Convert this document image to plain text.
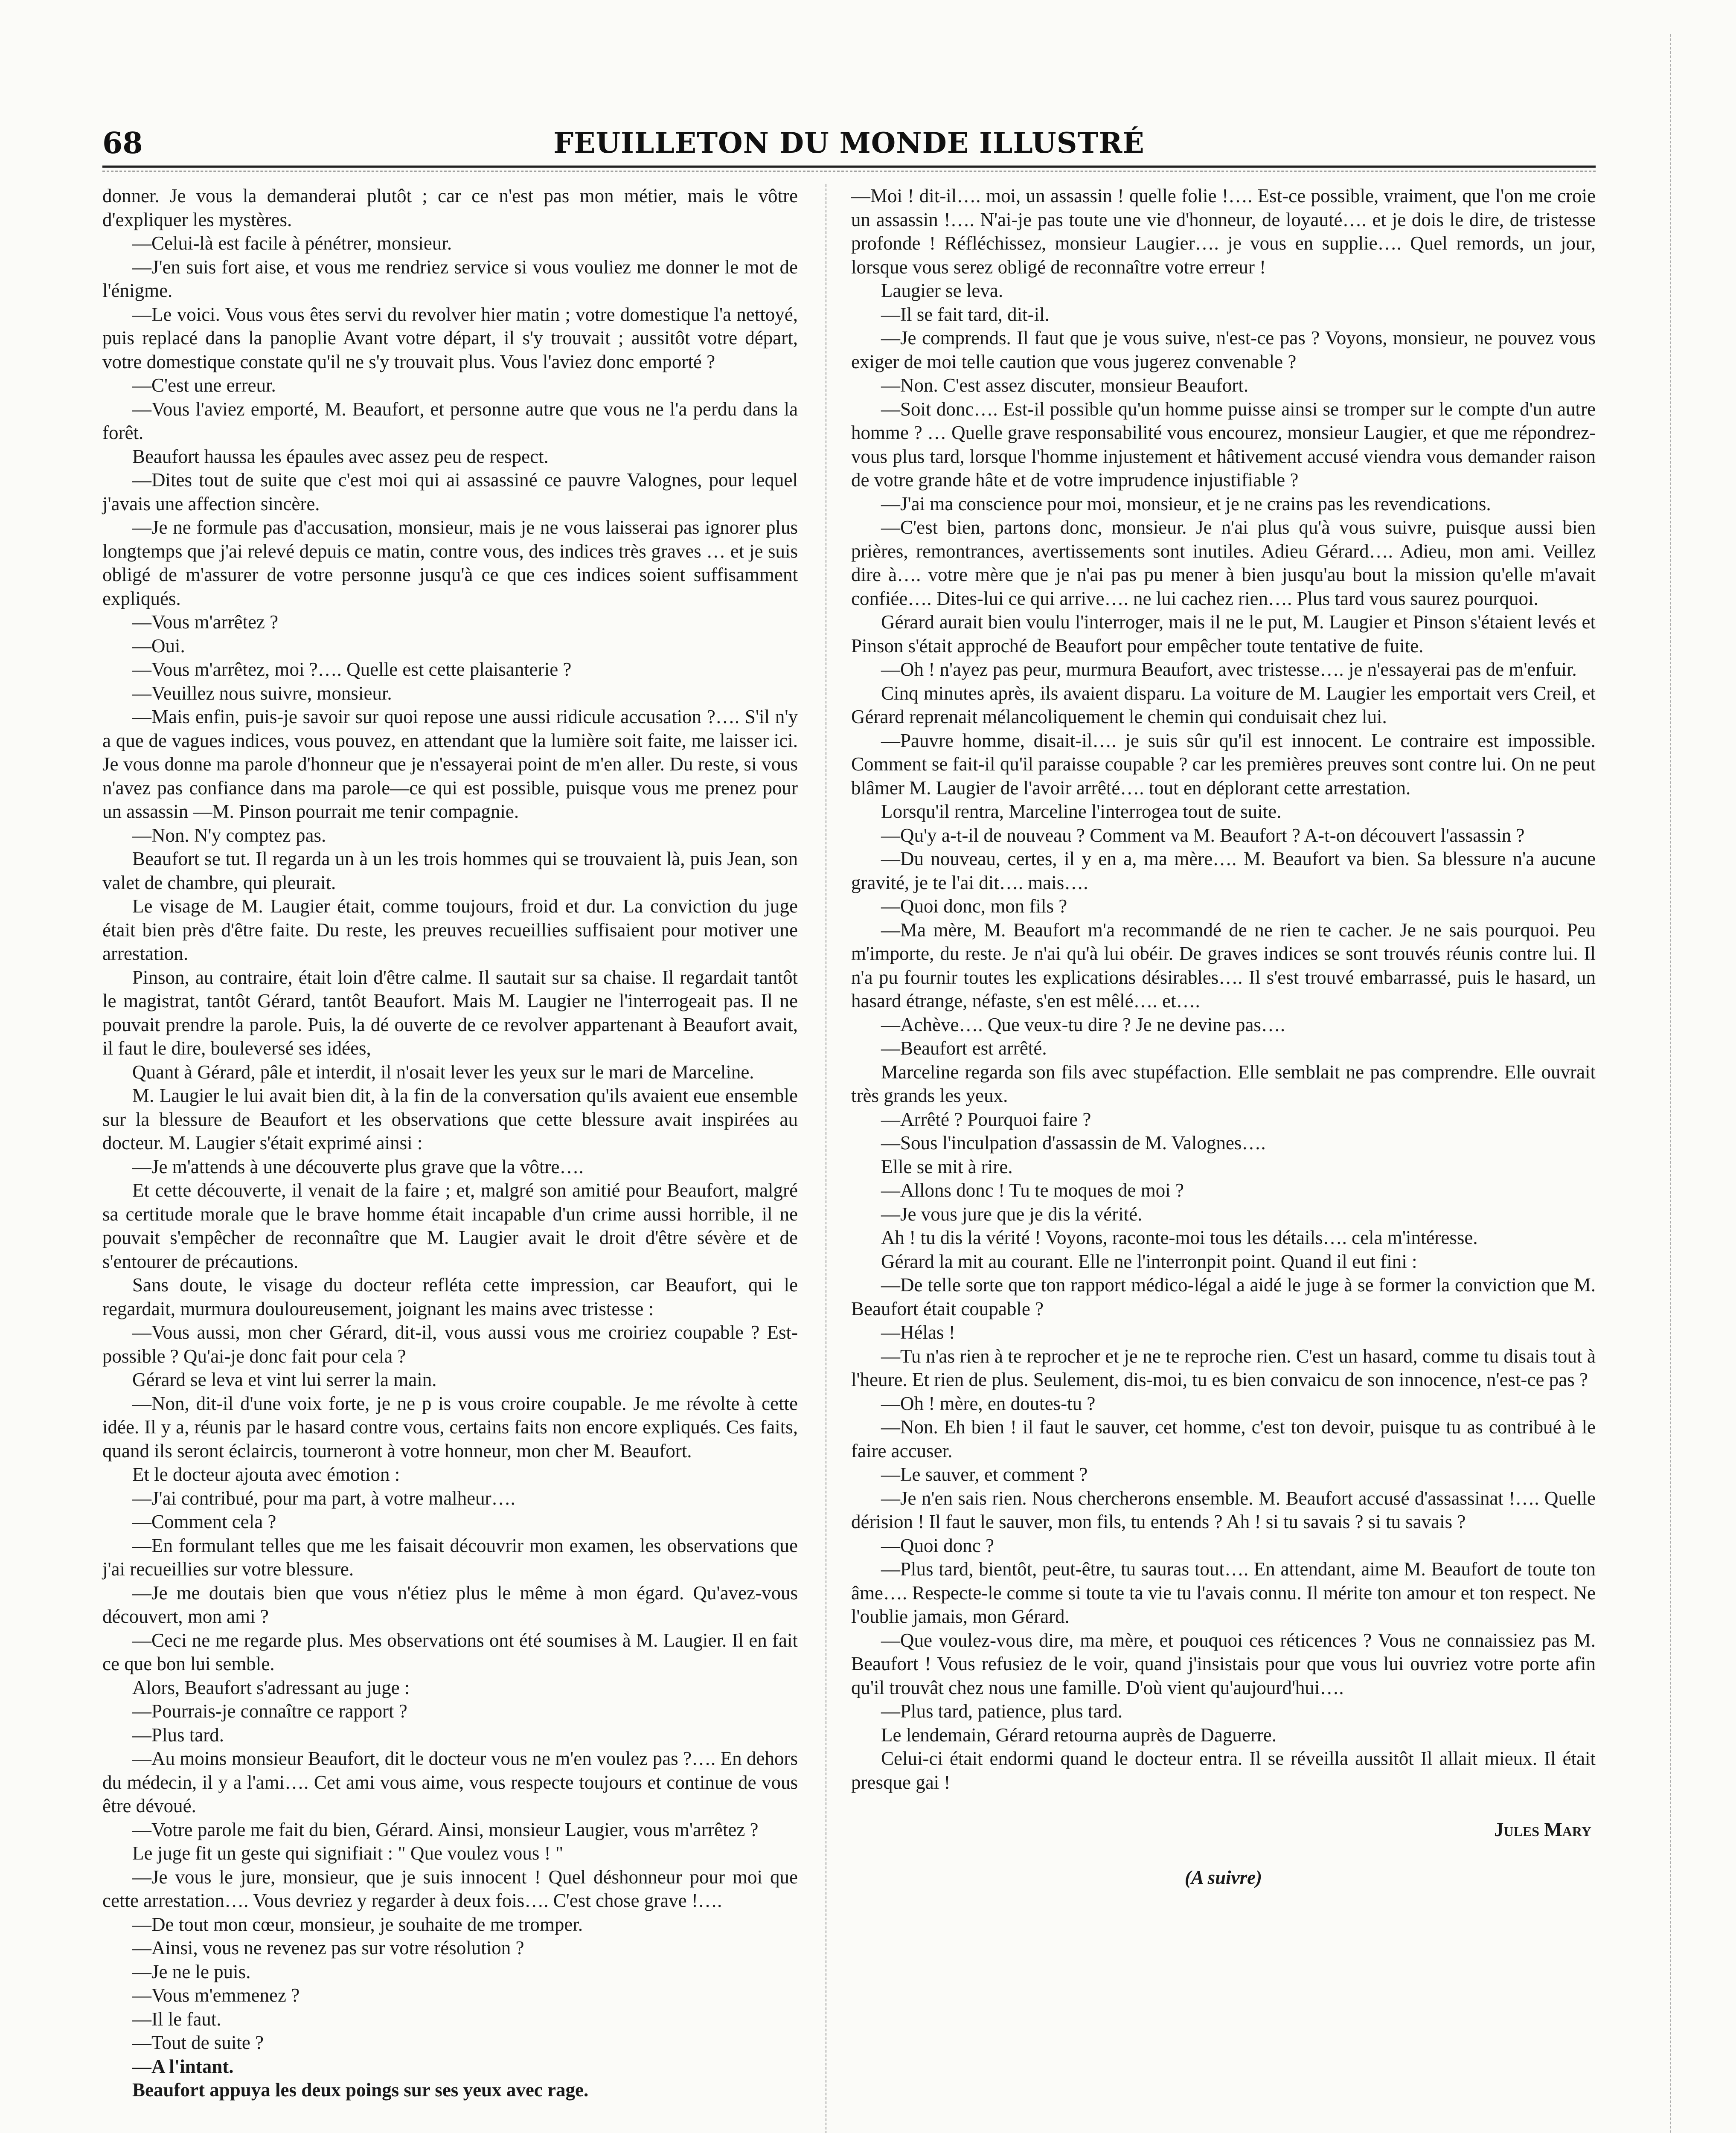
68	FEUILLETON DU MONDE ILLUSTRÉ

donner. Je vous la demanderai plutôt ; car ce n'est pas mon métier, mais le vôtre d'expliquer les mystères.

—Celui-là est facile à pénétrer, monsieur.

—J'en suis fort aise, et vous me rendriez service si vous vouliez me donner le mot de l'énigme.

—Le voici. Vous vous êtes servi du revolver hier matin ; votre domestique l'a nettoyé, puis replacé dans la panoplie Avant votre départ, il s'y trouvait ; aussitôt votre départ, votre domestique constate qu'il ne s'y trouvait plus. Vous l'aviez donc emporté ?

—C'est une erreur.

—Vous l'aviez emporté, M. Beaufort, et personne autre que vous ne l'a perdu dans la forêt.

Beaufort haussa les épaules avec assez peu de respect.

—Dites tout de suite que c'est moi qui ai assassiné ce pauvre Valognes, pour lequel j'avais une affection sincère.

—Je ne formule pas d'accusation, monsieur, mais je ne vous laisserai pas ignorer plus longtemps que j'ai relevé depuis ce matin, contre vous, des indices très graves … et je suis obligé de m'assurer de votre personne jusqu'à ce que ces indices soient suffisamment expliqués.

—Vous m'arrêtez ?

—Oui.

—Vous m'arrêtez, moi ?…. Quelle est cette plaisanterie ?

—Veuillez nous suivre, monsieur.

—Mais enfin, puis-je savoir sur quoi repose une aussi ridicule accusation ?…. S'il n'y a que de vagues indices, vous pouvez, en attendant que la lumière soit faite, me laisser ici. Je vous donne ma parole d'honneur que je n'essayerai point de m'en aller. Du reste, si vous n'avez pas confiance dans ma parole—ce qui est possible, puisque vous me prenez pour un assassin —M. Pinson pourrait me tenir compagnie.

—Non. N'y comptez pas.

Beaufort se tut. Il regarda un à un les trois hommes qui se trouvaient là, puis Jean, son valet de chambre, qui pleurait.

Le visage de M. Laugier était, comme toujours, froid et dur. La conviction du juge était bien près d'être faite. Du reste, les preuves recueillies suffisaient pour motiver une arrestation.

Pinson, au contraire, était loin d'être calme. Il sautait sur sa chaise. Il regardait tantôt le magistrat, tantôt Gérard, tantôt Beaufort. Mais M. Laugier ne l'interrogeait pas. Il ne pouvait prendre la parole. Puis, la dé ouverte de ce revolver appartenant à Beaufort avait, il faut le dire, bouleversé ses idées,

Quant à Gérard, pâle et interdit, il n'osait lever les yeux sur le mari de Marceline.

M. Laugier le lui avait bien dit, à la fin de la conversation qu'ils avaient eue ensemble sur la blessure de Beaufort et les observations que cette blessure avait inspirées au docteur. M. Laugier s'était exprimé ainsi :

—Je m'attends à une découverte plus grave que la vôtre….

Et cette découverte, il venait de la faire ; et, malgré son amitié pour Beaufort, malgré sa certitude morale que le brave homme était incapable d'un crime aussi horrible, il ne pouvait s'empêcher de reconnaître que M. Laugier avait le droit d'être sévère et de s'entourer de précautions.

Sans doute, le visage du docteur refléta cette impression, car Beaufort, qui le regardait, murmura douloureusement, joignant les mains avec tristesse :

—Vous aussi, mon cher Gérard, dit-il, vous aussi vous me croiriez coupable ? Est-possible ? Qu'ai-je donc fait pour cela ?

Gérard se leva et vint lui serrer la main.

—Non, dit-il d'une voix forte, je ne p is vous croire coupable. Je me révolte à cette idée. Il y a, réunis par le hasard contre vous, certains faits non encore expliqués. Ces faits, quand ils seront éclaircis, tourneront à votre honneur, mon cher M. Beaufort.

Et le docteur ajouta avec émotion :

—J'ai contribué, pour ma part, à votre malheur….

—Comment cela ?

—En formulant telles que me les faisait découvrir mon examen, les observations que j'ai recueillies sur votre blessure.

—Je me doutais bien que vous n'étiez plus le même à mon égard. Qu'avez-vous découvert, mon ami ?

—Ceci ne me regarde plus. Mes observations ont été soumises à M. Laugier. Il en fait ce que bon lui semble.

Alors, Beaufort s'adressant au juge :

—Pourrais-je connaître ce rapport ?

—Plus tard.

—Au moins monsieur Beaufort, dit le docteur vous ne m'en voulez pas ?…. En dehors du médecin, il y a l'ami…. Cet ami vous aime, vous respecte toujours et continue de vous être dévoué.

—Votre parole me fait du bien, Gérard. Ainsi, monsieur Laugier, vous m'arrêtez ?

Le juge fit un geste qui signifiait : " Que voulez vous ! "

—Je vous le jure, monsieur, que je suis innocent ! Quel déshonneur pour moi que cette arrestation…. Vous devriez y regarder à deux fois…. C'est chose grave !….

—De tout mon cœur, monsieur, je souhaite de me tromper.

—Ainsi, vous ne revenez pas sur votre résolution ?

—Je ne le puis.

—Vous m'emmenez ?

—Il le faut.

—Tout de suite ?

—A l'intant.

Beaufort appuya les deux poings sur ses yeux avec rage.

—Moi ! dit-il…. moi, un assassin ! quelle folie !…. Est-ce possible, vraiment, que l'on me croie un assassin !…. N'ai-je pas toute une vie d'honneur, de loyauté…. et je dois le dire, de tristesse profonde ! Réfléchissez, monsieur Laugier…. je vous en supplie…. Quel remords, un jour, lorsque vous serez obligé de reconnaître votre erreur !

Laugier se leva.

—Il se fait tard, dit-il.

—Je comprends. Il faut que je vous suive, n'est-ce pas ? Voyons, monsieur, ne pouvez vous exiger de moi telle caution que vous jugerez convenable ?

—Non. C'est assez discuter, monsieur Beaufort.

—Soit donc…. Est-il possible qu'un homme puisse ainsi se tromper sur le compte d'un autre homme ? … Quelle grave responsabilité vous encourez, monsieur Laugier, et que me répondrez-vous plus tard, lorsque l'homme injustement et hâtivement accusé viendra vous demander raison de votre grande hâte et de votre imprudence injustifiable ?

—J'ai ma conscience pour moi, monsieur, et je ne crains pas les revendications.

—C'est bien, partons donc, monsieur. Je n'ai plus qu'à vous suivre, puisque aussi bien prières, remontrances, avertissements sont inutiles. Adieu Gérard…. Adieu, mon ami. Veillez dire à…. votre mère que je n'ai pas pu mener à bien jusqu'au bout la mission qu'elle m'avait confiée…. Dites-lui ce qui arrive…. ne lui cachez rien…. Plus tard vous saurez pourquoi.

Gérard aurait bien voulu l'interroger, mais il ne le put, M. Laugier et Pinson s'étaient levés et Pinson s'était approché de Beaufort pour empêcher toute tentative de fuite.

—Oh ! n'ayez pas peur, murmura Beaufort, avec tristesse…. je n'essayerai pas de m'enfuir.

Cinq minutes après, ils avaient disparu. La voiture de M. Laugier les emportait vers Creil, et Gérard reprenait mélancoliquement le chemin qui conduisait chez lui.

—Pauvre homme, disait-il…. je suis sûr qu'il est innocent. Le contraire est impossible. Comment se fait-il qu'il paraisse coupable ? car les premières preuves sont contre lui. On ne peut blâmer M. Laugier de l'avoir arrêté…. tout en déplorant cette arrestation.

Lorsqu'il rentra, Marceline l'interrogea tout de suite.

—Qu'y a-t-il de nouveau ? Comment va M. Beaufort ? A-t-on découvert l'assassin ?

—Du nouveau, certes, il y en a, ma mère…. M. Beaufort va bien. Sa blessure n'a aucune gravité, je te l'ai dit…. mais….

—Quoi donc, mon fils ?

—Ma mère, M. Beaufort m'a recommandé de ne rien te cacher. Je ne sais pourquoi. Peu m'importe, du reste. Je n'ai qu'à lui obéir. De graves indices se sont trouvés réunis contre lui. Il n'a pu fournir toutes les explications désirables…. Il s'est trouvé embarrassé, puis le hasard, un hasard étrange, néfaste, s'en est mêlé…. et….

—Achève…. Que veux-tu dire ? Je ne devine pas….

—Beaufort est arrêté.

Marceline regarda son fils avec stupéfaction. Elle semblait ne pas comprendre. Elle ouvrait très grands les yeux.

—Arrêté ? Pourquoi faire ?

—Sous l'inculpation d'assassin de M. Valognes….

Elle se mit à rire.

—Allons donc ! Tu te moques de moi ?

—Je vous jure que je dis la vérité.

Ah ! tu dis la vérité ! Voyons, raconte-moi tous les détails…. cela m'intéresse.

Gérard la mit au courant. Elle ne l'interronpit point. Quand il eut fini :

—De telle sorte que ton rapport médico-légal a aidé le juge à se former la conviction que M. Beaufort était coupable ?

—Hélas !

—Tu n'as rien à te reprocher et je ne te reproche rien. C'est un hasard, comme tu disais tout à l'heure. Et rien de plus. Seulement, dis-moi, tu es bien convaicu de son innocence, n'est-ce pas ?

—Oh ! mère, en doutes-tu ?

—Non. Eh bien ! il faut le sauver, cet homme, c'est ton devoir, puisque tu as contribué à le faire accuser.

—Le sauver, et comment ?

—Je n'en sais rien. Nous chercherons ensemble. M. Beaufort accusé d'assassinat !…. Quelle dérision ! Il faut le sauver, mon fils, tu entends ? Ah ! si tu savais ? si tu savais ?

—Quoi donc ?

—Plus tard, bientôt, peut-être, tu sauras tout…. En attendant, aime M. Beaufort de toute ton âme…. Respecte-le comme si toute ta vie tu l'avais connu. Il mérite ton amour et ton respect. Ne l'oublie jamais, mon Gérard.

—Que voulez-vous dire, ma mère, et pouquoi ces réticences ? Vous ne connaissiez pas M. Beaufort ! Vous refusiez de le voir, quand j'insistais pour que vous lui ouvriez votre porte afin qu'il trouvât chez nous une famille. D'où vient qu'aujourd'hui….

—Plus tard, patience, plus tard.

Le lendemain, Gérard retourna auprès de Daguerre.

Celui-ci était endormi quand le docteur entra. Il se réveilla aussitôt Il allait mieux. Il était presque gai !

Jules Mary

(A suivre)
